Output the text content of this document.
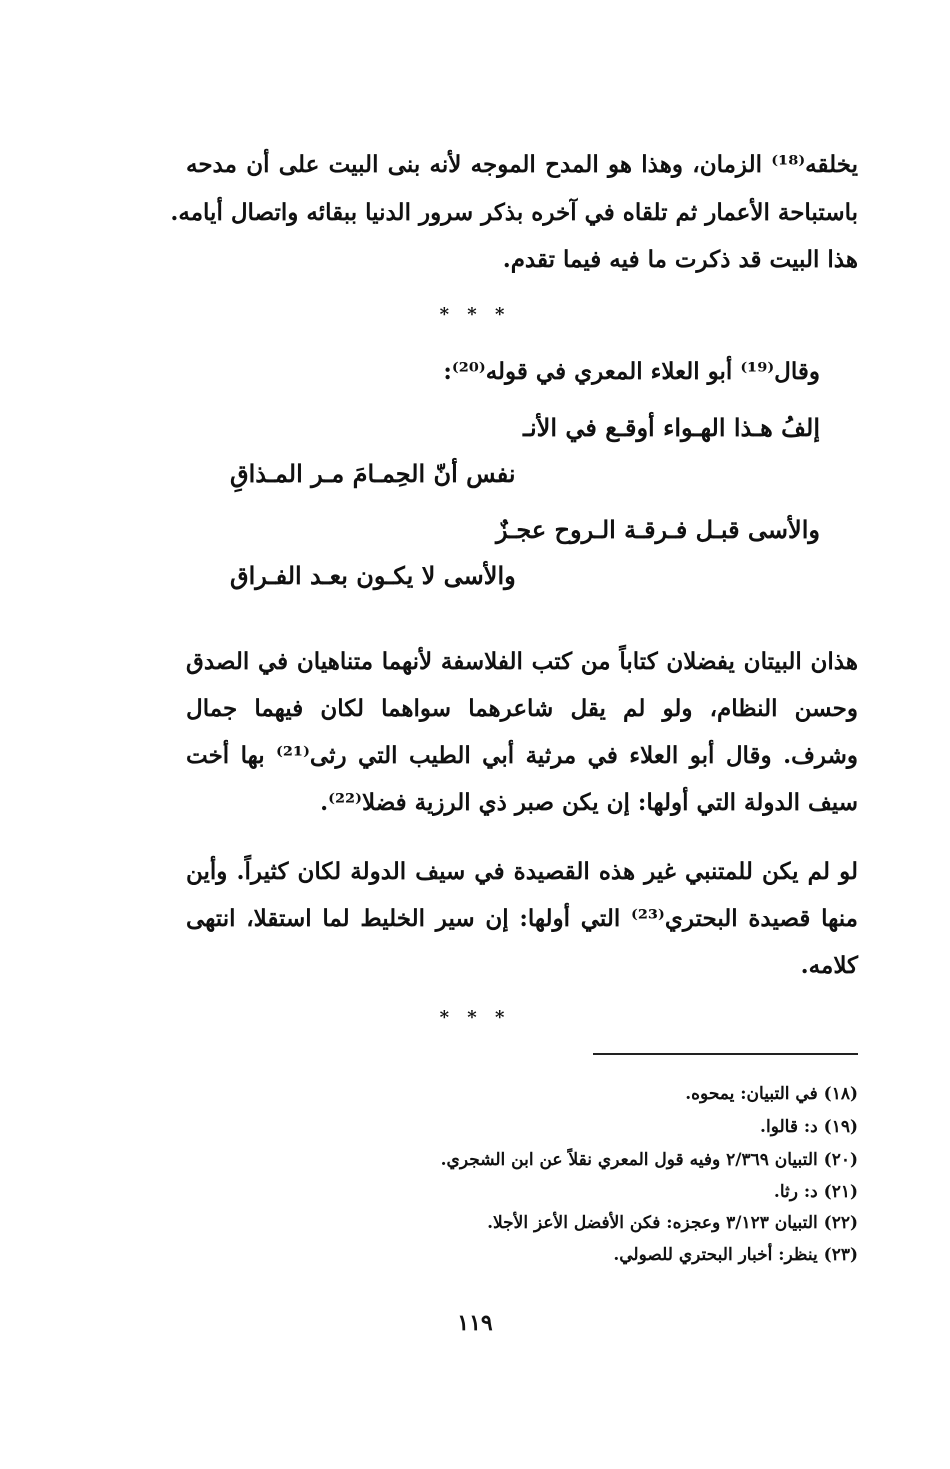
يخلقه⁽¹⁸⁾ الزمان، وهذا هو المدح الموجه لأنه بنى البيت على أن مدحه
باستباحة الأعمار ثم تلقاه في آخره بذكر سرور الدنيا ببقائه واتصال أيامه.
هذا البيت قد ذكرت ما فيه فيما تقدم.
* * *
وقال⁽¹⁹⁾ أبو العلاء المعري في قوله⁽²⁰⁾:
إلفُ هـذا الهـواء أوقـع في الأنـ
نفس أنّ الحِمـامَ مـر المـذاقِ
والأسى قبـل فـرقـة الـروح عجـزٌ
والأسى لا يكـون بعـد الفـراق
هذان البيتان يفضلان كتاباً من كتب الفلاسفة لأنهما متناهيان في الصدق وحسن النظام، ولو لم يقل شاعرهما سواهما لكان فيهما جمال وشرف. وقال أبو العلاء في مرثية أبي الطيب التي رثى⁽²¹⁾ بها أخت سيف الدولة التي أولها: إن يكن صبر ذي الرزية فضلا⁽²²⁾.
لو لم يكن للمتنبي غير هذه القصيدة في سيف الدولة لكان كثيراً. وأين منها قصيدة البحتري⁽²³⁾ التي أولها: إن سير الخليط لما استقلا، انتهى كلامه.
* * *
(١٨) في التبيان: يمحوه.
(١٩) د: قالوا.
(٢٠) التبيان ٢/٣٦٩ وفيه قول المعري نقلاً عن ابن الشجري.
(٢١) د: رثا.
(٢٢) التبيان ٣/١٢٣ وعجزه: فكن الأفضل الأعز الأجلا.
(٢٣) ينظر: أخبار البحتري للصولي.
١١٩
